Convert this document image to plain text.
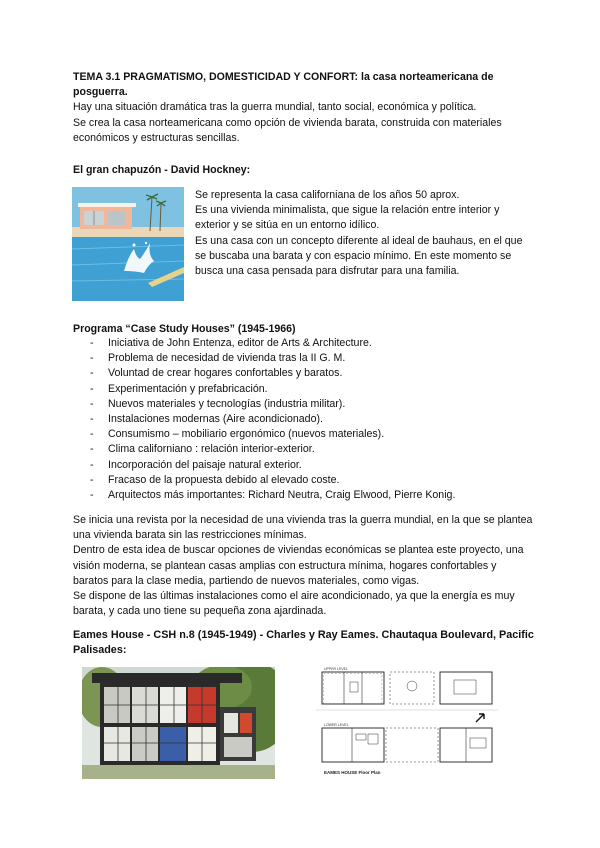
TEMA 3.1 PRAGMATISMO, DOMESTICIDAD Y CONFORT: la casa norteamericana de posguerra.
Hay una situación dramática tras la guerra mundial, tanto social, económica y política.
Se crea la casa norteamericana como opción de vivienda barata, construida con materiales económicos y estructuras sencillas.
El gran chapuzón - David Hockney:
Se representa la casa californiana de los años 50 aprox.
Es una vivienda minimalista, que sigue la relación entre interior y exterior y se sitúa en un entorno idílico.
Es una casa con un concepto diferente al ideal de bauhaus, en el que se buscaba una barata y con espacio mínimo. En este momento se busca una casa pensada para disfrutar para una familia.
Programa “Case Study Houses” (1945-1966)
- Iniciativa de John Entenza, editor de Arts & Architecture.
- Problema de necesidad de vivienda tras la II G. M.
- Voluntad de crear hogares confortables y baratos.
- Experimentación y prefabricación.
- Nuevos materiales y tecnologías (industria militar).
- Instalaciones modernas (Aire acondicionado).
- Consumismo – mobiliario ergonómico (nuevos materiales).
- Clima californiano : relación interior-exterior.
- Incorporación del paisaje natural exterior.
- Fracaso de la propuesta debido al elevado coste.
- Arquitectos más importantes: Richard Neutra, Craig Elwood, Pierre Konig.
Se inicia una revista por la necesidad de una vivienda tras la guerra mundial, en la que se plantea una vivienda barata sin las restricciones mínimas.
Dentro de esta idea de buscar opciones de viviendas económicas se plantea este proyecto, una visión moderna, se plantean casas amplias con estructura mínima, hogares confortables y baratos para la clase media, partiendo de nuevos materiales, como vigas.
Se dispone de las últimas instalaciones como el aire acondicionado, ya que la energía es muy barata, y cada uno tiene su pequeña zona ajardinada.
Eames House - CSH n.8 (1945-1949) - Charles y Ray Eames. Chautaqua Boulevard, Pacific Palisades:
UPPER LEVEL
LOWER LEVEL
EAMES HOUSE Floor Plan
